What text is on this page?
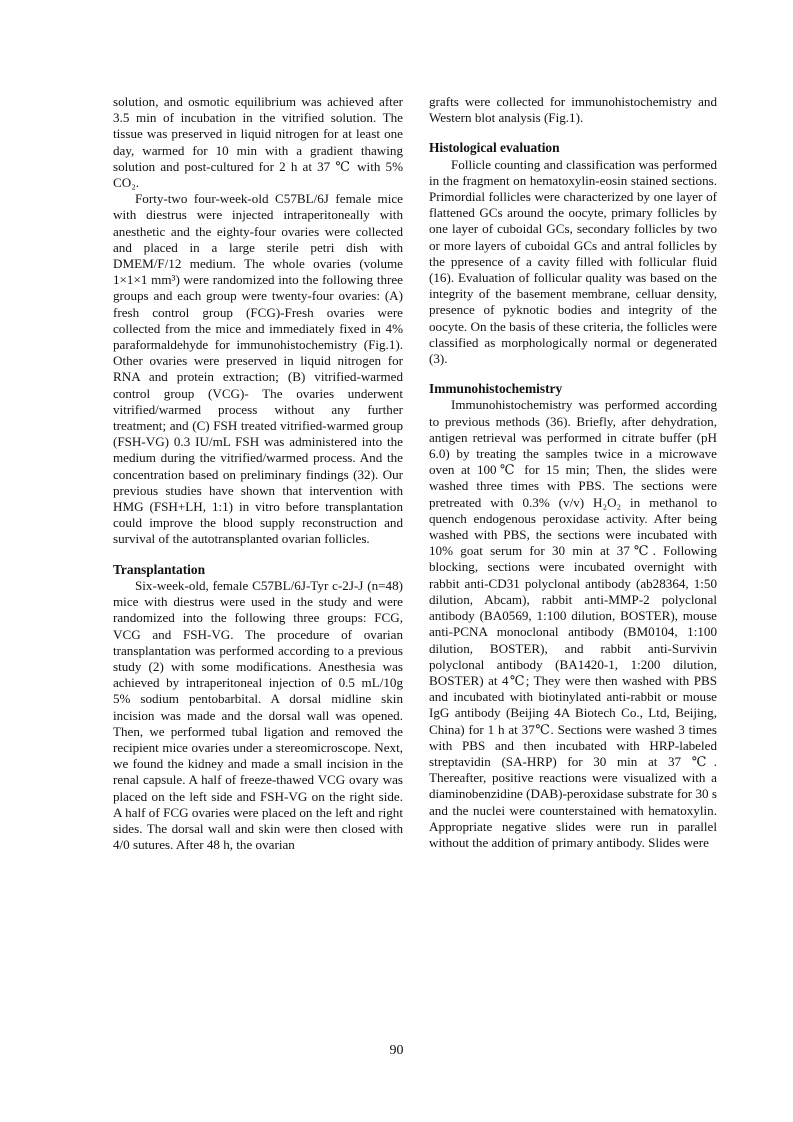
solution, and osmotic equilibrium was achieved after 3.5 min of incubation in the vitrified solution. The tissue was preserved in liquid nitrogen for at least one day, warmed for 10 min with a gradient thawing solution and post-cultured for 2 h at 37 ℃ with 5% CO₂.

Forty-two four-week-old C57BL/6J female mice with diestrus were injected intraperitoneally with anesthetic and the eighty-four ovaries were collected and placed in a large sterile petri dish with DMEM/F/12 medium. The whole ovaries (volume 1×1×1 mm³) were randomized into the following three groups and each group were twenty-four ovaries: (A) fresh control group (FCG)-Fresh ovaries were collected from the mice and immediately fixed in 4% paraformaldehyde for immunohistochemistry (Fig.1). Other ovaries were preserved in liquid nitrogen for RNA and protein extraction; (B) vitrified-warmed control group (VCG)- The ovaries underwent vitrified/warmed process without any further treatment; and (C) FSH treated vitrified-warmed group (FSH-VG) 0.3 IU/mL FSH was administered into the medium during the vitrified/warmed process. And the concentration based on preliminary findings (32). Our previous studies have shown that intervention with HMG (FSH+LH, 1:1) in vitro before transplantation could improve the blood supply reconstruction and survival of the autotransplanted ovarian follicles.

Transplantation

Six-week-old, female C57BL/6J-Tyr c-2J-J (n=48) mice with diestrus were used in the study and were randomized into the following three groups: FCG, VCG and FSH-VG. The procedure of ovarian transplantation was performed according to a previous study (2) with some modifications. Anesthesia was achieved by intraperitoneal injection of 0.5 mL/10g 5% sodium pentobarbital. A dorsal midline skin incision was made and the dorsal wall was opened. Then, we performed tubal ligation and removed the recipient mice ovaries under a stereomicroscope. Next, we found the kidney and made a small incision in the renal capsule. A half of freeze-thawed VCG ovary was placed on the left side and FSH-VG on the right side. A half of FCG ovaries were placed on the left and right sides. The dorsal wall and skin were then closed with 4/0 sutures. After 48 h, the ovarian

grafts were collected for immunohistochemistry and Western blot analysis (Fig.1).

Histological evaluation

Follicle counting and classification was performed in the fragment on hematoxylin-eosin stained sections. Primordial follicles were characterized by one layer of flattened GCs around the oocyte, primary follicles by one layer of cuboidal GCs, secondary follicles by two or more layers of cuboidal GCs and antral follicles by the ppresence of a cavity filled with follicular fluid (16). Evaluation of follicular quality was based on the integrity of the basement membrane, celluar density, presence of pyknotic bodies and integrity of the oocyte. On the basis of these criteria, the follicles were classified as morphologically normal or degenerated (3).

Immunohistochemistry

Immunohistochemistry was performed according to previous methods (36). Briefly, after dehydration, antigen retrieval was performed in citrate buffer (pH 6.0) by treating the samples twice in a microwave oven at 100℃ for 15 min; Then, the slides were washed three times with PBS. The sections were pretreated with 0.3% (v/v) H₂O₂ in methanol to quench endogenous peroxidase activity. After being washed with PBS, the sections were incubated with 10% goat serum for 30 min at 37℃. Following blocking, sections were incubated overnight with rabbit anti-CD31 polyclonal antibody (ab28364, 1:50 dilution, Abcam), rabbit anti-MMP-2 polyclonal antibody (BA0569, 1:100 dilution, BOSTER), mouse anti-PCNA monoclonal antibody (BM0104, 1:100 dilution, BOSTER), and rabbit anti-Survivin polyclonal antibody (BA1420-1, 1:200 dilution, BOSTER) at 4℃; They were then washed with PBS and incubated with biotinylated anti-rabbit or mouse IgG antibody (Beijing 4A Biotech Co., Ltd, Beijing, China) for 1 h at 37℃. Sections were washed 3 times with PBS and then incubated with HRP-labeled streptavidin (SA-HRP) for 30 min at 37 ℃. Thereafter, positive reactions were visualized with a diaminobenzidine (DAB)-peroxidase substrate for 30 s and the nuclei were counterstained with hematoxylin. Appropriate negative slides were run in parallel without the addition of primary antibody. Slides were

90
